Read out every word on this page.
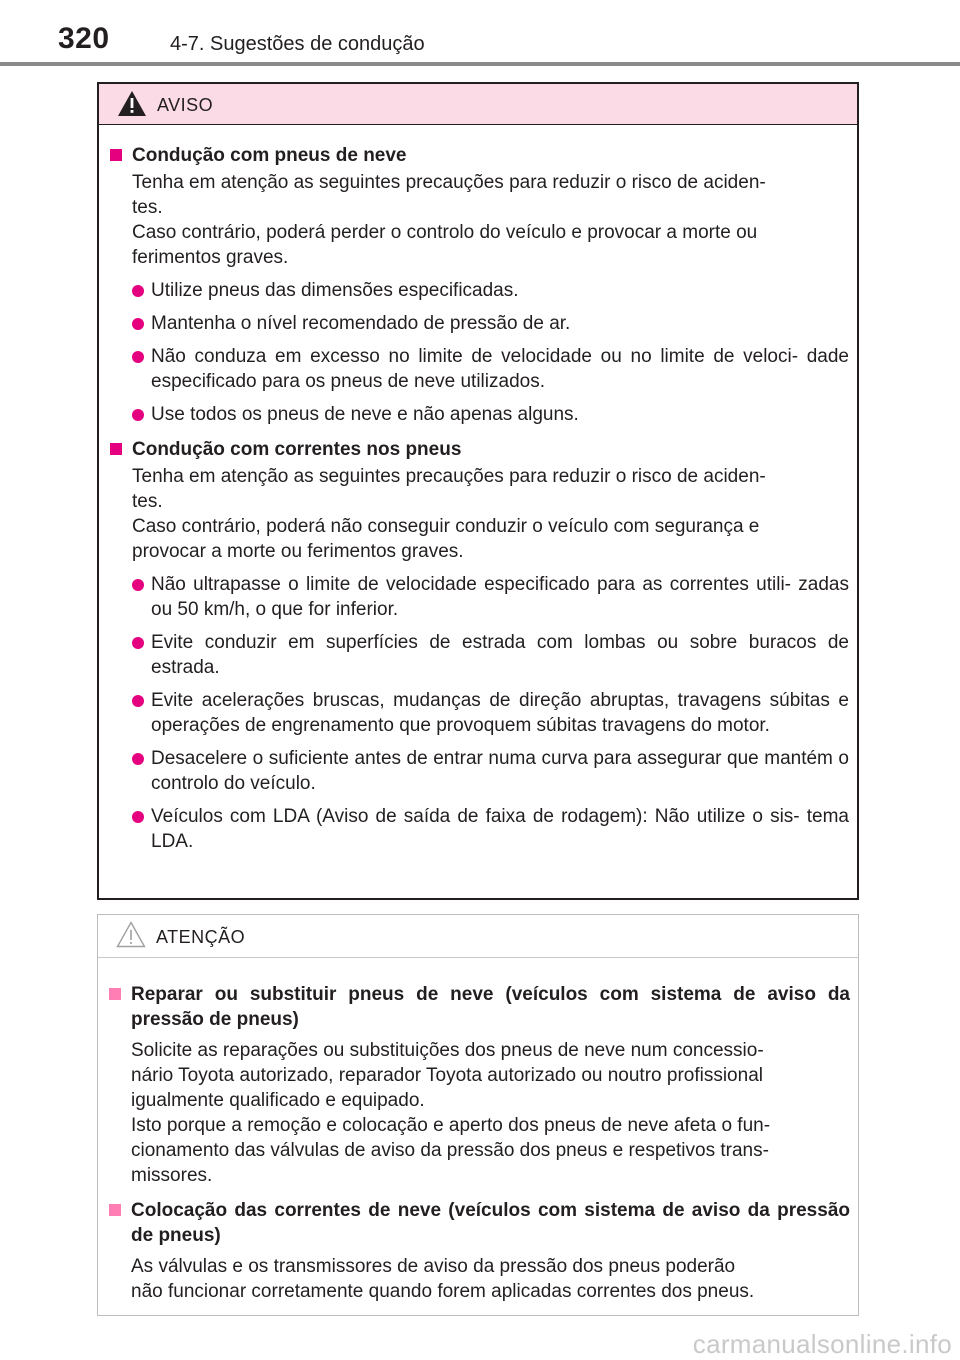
320	4-7. Sugestões de condução
AVISO
Condução com pneus de neve
Tenha em atenção as seguintes precauções para reduzir o risco de aciden-
tes.
Caso contrário, poderá perder o controlo do veículo e provocar a morte ou
ferimentos graves.
Utilize pneus das dimensões especificadas.
Mantenha o nível recomendado de pressão de ar.
Não conduza em excesso no limite de velocidade ou no limite de veloci- dade especificado para os pneus de neve utilizados.
Use todos os pneus de neve e não apenas alguns.
Condução com correntes nos pneus
Tenha em atenção as seguintes precauções para reduzir o risco de aciden-
tes.
Caso contrário, poderá não conseguir conduzir o veículo com segurança e
provocar a morte ou ferimentos graves.
Não ultrapasse o limite de velocidade especificado para as correntes utili- zadas ou 50 km/h, o que for inferior.
Evite conduzir em superfícies de estrada com lombas ou sobre buracos de estrada.
Evite acelerações bruscas, mudanças de direção abruptas, travagens súbitas e operações de engrenamento que provoquem súbitas travagens do motor.
Desacelere o suficiente antes de entrar numa curva para assegurar que mantém o controlo do veículo.
Veículos com LDA (Aviso de saída de faixa de rodagem): Não utilize o sis- tema LDA.
ATENÇÃO
Reparar ou substituir pneus de neve (veículos com sistema de aviso da pressão de pneus)
Solicite as reparações ou substituições dos pneus de neve num concessio-
nário Toyota autorizado, reparador Toyota autorizado ou noutro profissional
igualmente qualificado e equipado.
Isto porque a remoção e colocação e aperto dos pneus de neve afeta o fun-
cionamento das válvulas de aviso da pressão dos pneus e respetivos trans-
missores.
Colocação das correntes de neve (veículos com sistema de aviso da pressão de pneus)
As válvulas e os transmissores de aviso da pressão dos pneus poderão
não funcionar corretamente quando forem aplicadas correntes dos pneus.
carmanualsonline.info
